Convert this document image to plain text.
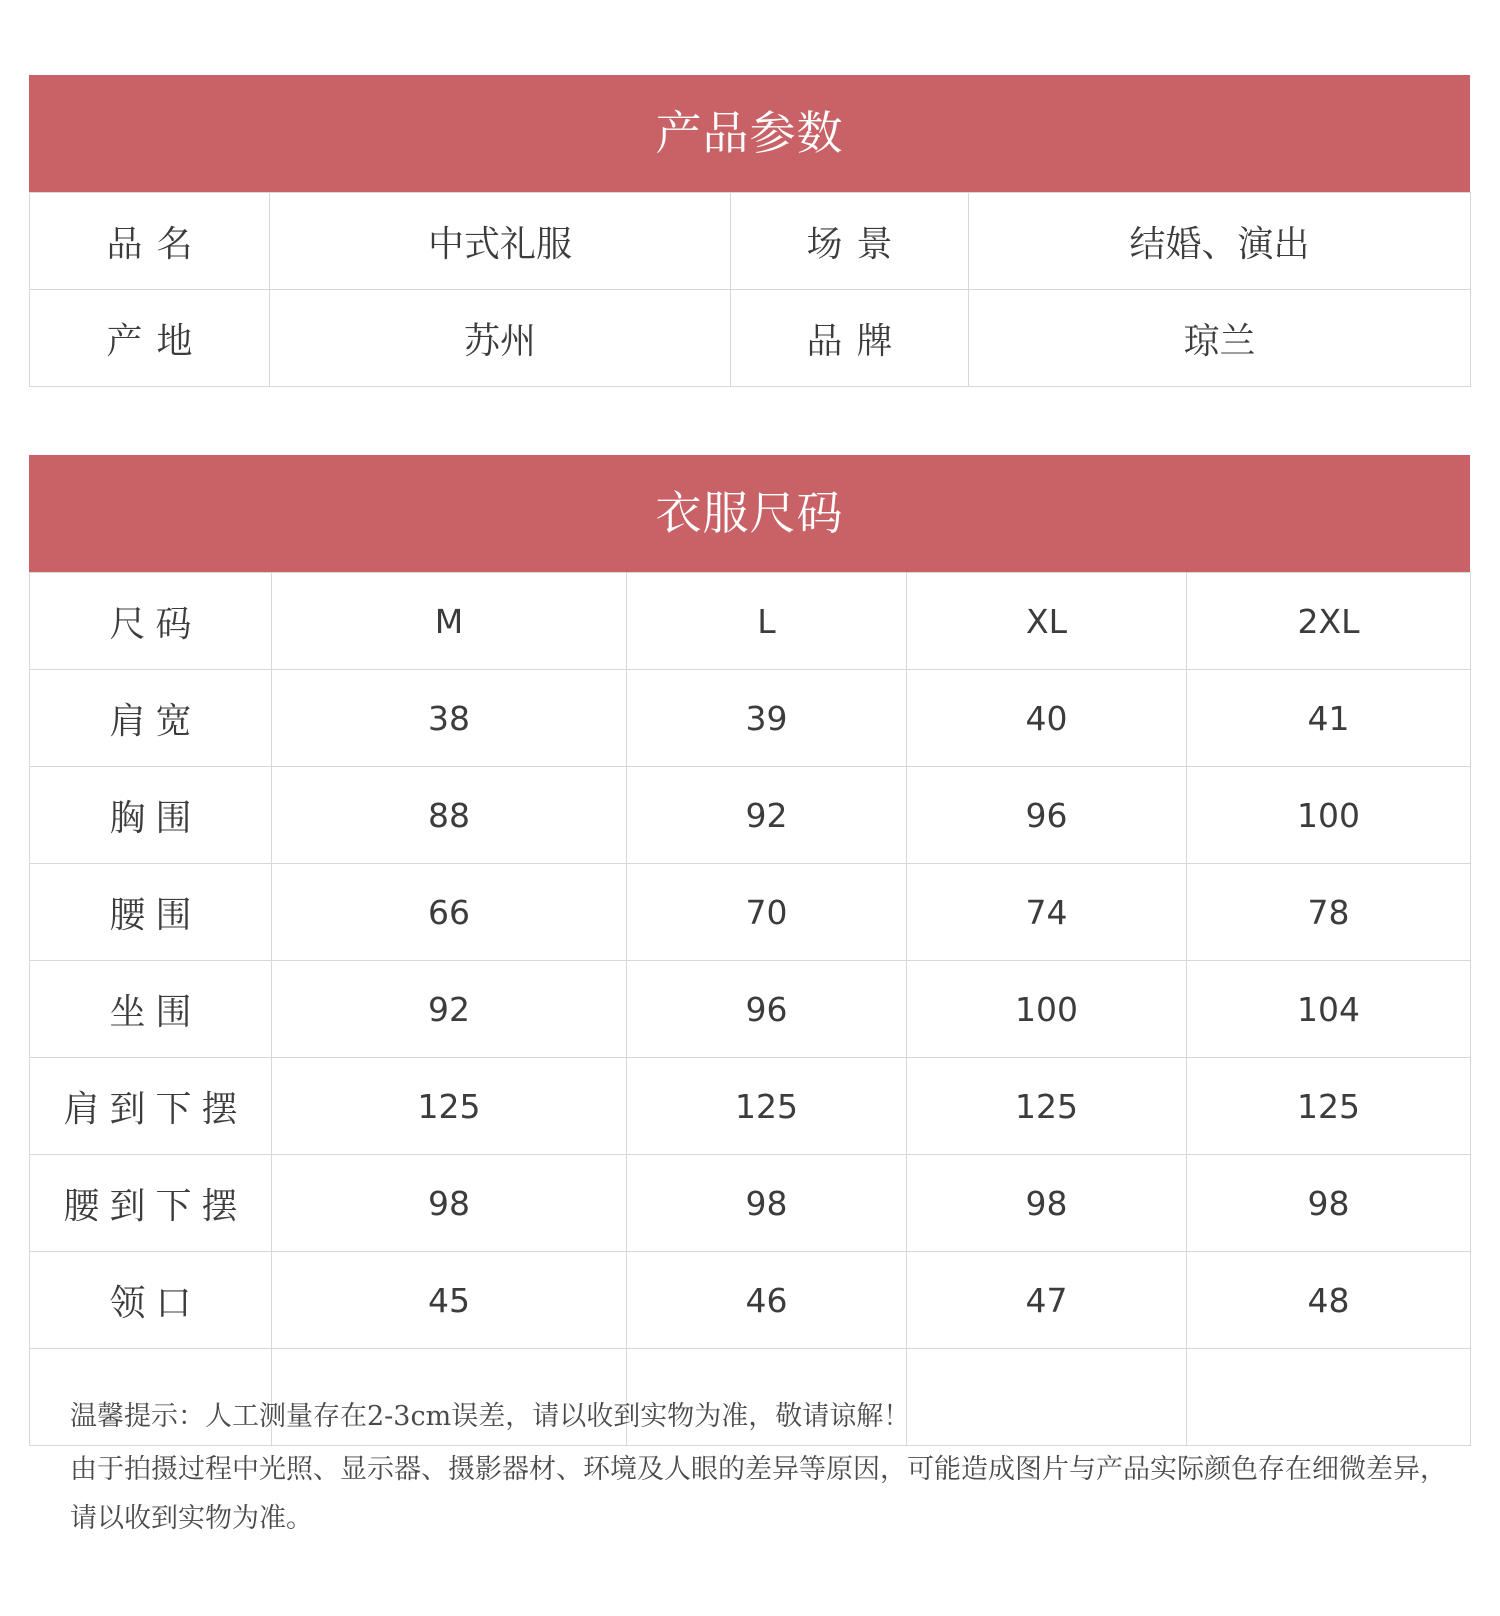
产品参数
品名	中式礼服	场景	结婚、演出
产地	苏州	品牌	琼兰
衣服尺码
尺码	M	L	XL	2XL
肩宽	38	39	40	41
胸围	88	92	96	100
腰围	66	70	74	78
坐围	92	96	100	104
肩到下摆	125	125	125	125
腰到下摆	98	98	98	98
领口	45	46	47	48

温馨提示：人工测量存在2-3cm误差，请以收到实物为准，敬请谅解！

由于拍摄过程中光照、显示器、摄影器材、环境及人眼的差异等原因，可能造成图片与产品实际颜色存在细微差异，请以收到实物为准。
